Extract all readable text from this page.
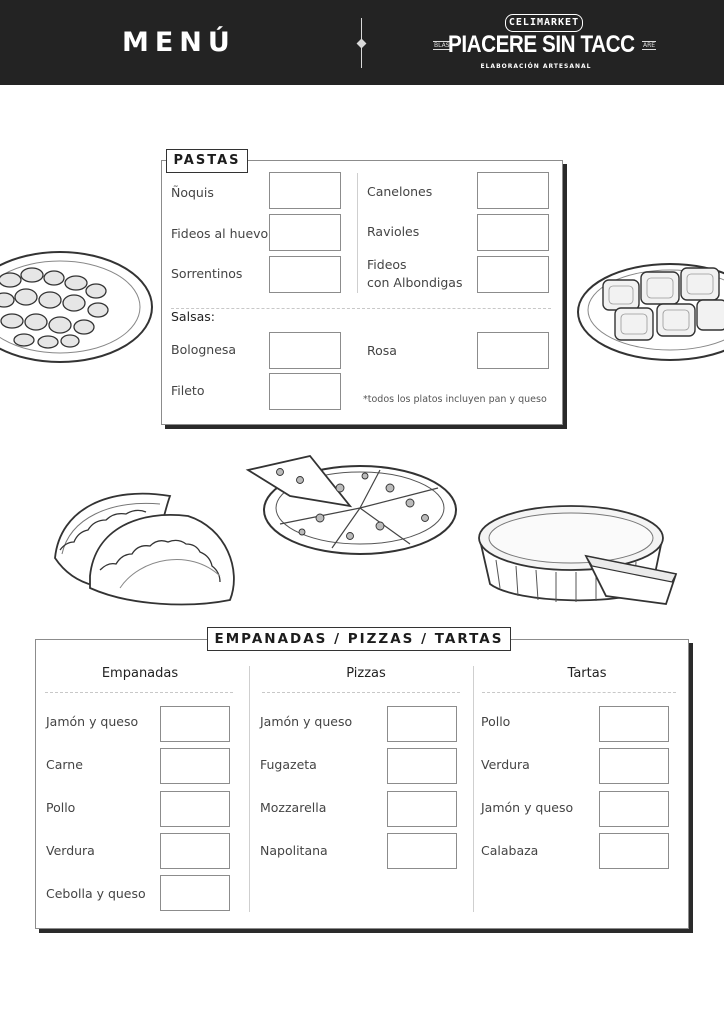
MENÚ
CELIMARKET
BLAS
PIACERE SIN TACC ARE
ELABORACIÓN ARTESANAL
PASTAS
Ñoquis
Fideos al huevo
Sorrentinos
Canelones
Ravioles
Fideos
con Albondigas
Salsas:
Bolognesa	Rosa
Fileto
*todos los platos incluyen pan y queso
EMPANADAS / PIZZAS / TARTAS
Empanadas
Jamón y queso
Carne
Pollo
Verdura
Cebolla y queso
Pizzas
Jamón y queso
Fugazeta
Mozzarella
Napolitana
Tartas
Pollo
Verdura
Jamón y queso
Calabaza
